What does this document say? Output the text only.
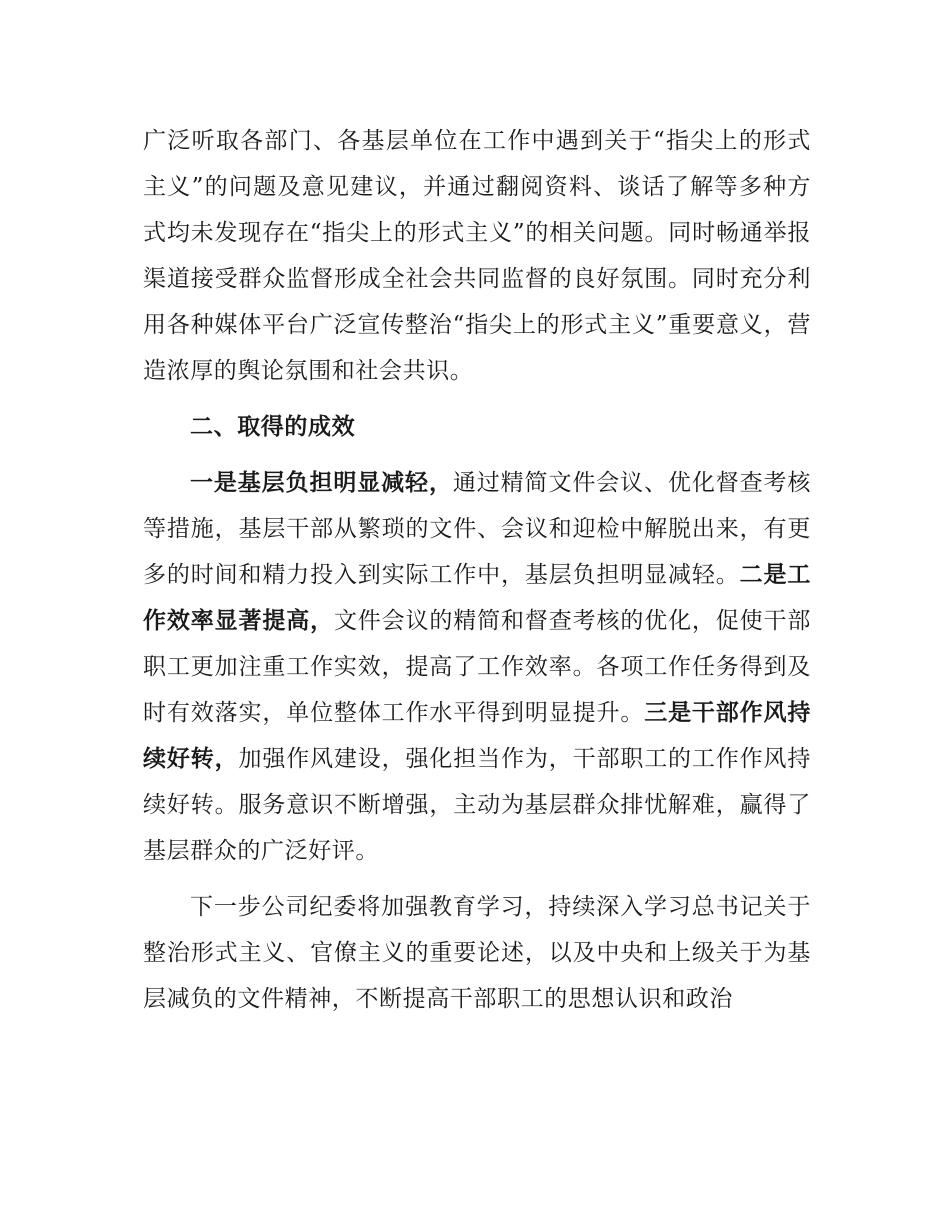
广泛听取各部门、各基层单位在工作中遇到关于“指尖上的形式主义”的问题及意见建议，并通过翻阅资料、谈话了解等多种方式均未发现存在“指尖上的形式主义”的相关问题。同时畅通举报渠道接受群众监督形成全社会共同监督的良好氛围。同时充分利用各种媒体平台广泛宣传整治“指尖上的形式主义”重要意义，营造浓厚的舆论氛围和社会共识。

二、取得的成效

一是基层负担明显减轻，通过精简文件会议、优化督查考核等措施，基层干部从繁琐的文件、会议和迎检中解脱出来，有更多的时间和精力投入到实际工作中，基层负担明显减轻。二是工作效率显著提高，文件会议的精简和督查考核的优化，促使干部职工更加注重工作实效，提高了工作效率。各项工作任务得到及时有效落实，单位整体工作水平得到明显提升。三是干部作风持续好转，加强作风建设，强化担当作为，干部职工的工作作风持续好转。服务意识不断增强，主动为基层群众排忧解难，赢得了基层群众的广泛好评。

下一步公司纪委将加强教育学习，持续深入学习总书记关于整治形式主义、官僚主义的重要论述，以及中央和上级关于为基层减负的文件精神，不断提高干部职工的思想认识和政治
